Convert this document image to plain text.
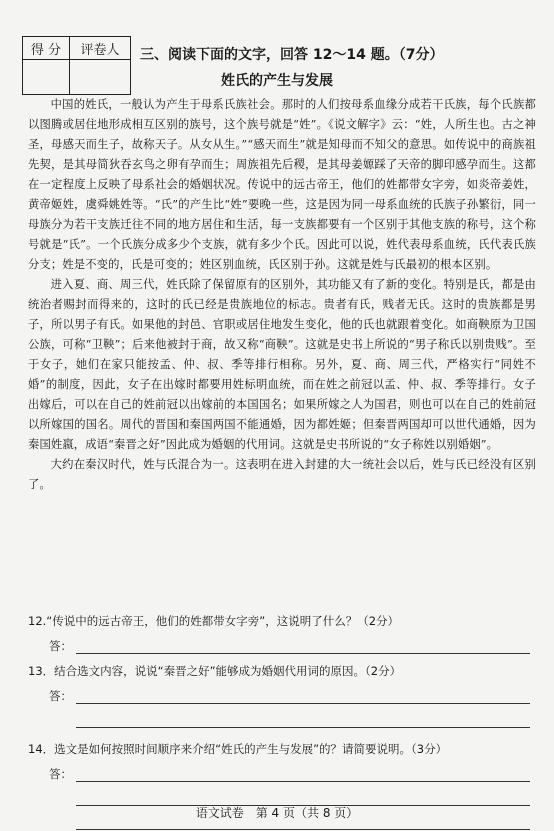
得 分	评卷人
	三、阅读下面的文字，回答 12～14 题。（7分）
姓氏的产生与发展

中国的姓氏，一般认为产生于母系氏族社会。那时的人们按母系血缘分成若干氏族，每个氏族都以图腾或居住地形成相互区别的族号，这个族号就是“姓”。《说文解字》云：“姓，人所生也。古之神圣，母感天而生子，故称天子。从女从生。”“感天而生”就是知母而不知父的意思。如传说中的商族祖先契，是其母简狄吞玄鸟之卵有孕而生；周族祖先后稷，是其母姜嫄踩了天帝的脚印感孕而生。这都在一定程度上反映了母系社会的婚姻状况。传说中的远古帝王，他们的姓都带女字旁，如炎帝姜姓，黄帝姬姓，虞舜姚姓等。“氏”的产生比“姓”要晚一些，这是因为同一母系血统的氏族子孙繁衍，同一母族分为若干支族迁往不同的地方居住和生活，每一支族都要有一个区别于其他支族的称号，这个称号就是“氏”。一个氏族分成多少个支族，就有多少个氏。因此可以说，姓代表母系血统，氏代表氏族分支；姓是不变的，氏是可变的；姓区别血统，氏区别于孙。这就是姓与氏最初的根本区别。

进入夏、商、周三代，姓氏除了保留原有的区别外，其功能又有了新的变化。特别是氏，都是由统治者赐封而得来的，这时的氏已经是贵族地位的标志。贵者有氏，贱者无氏。这时的贵族都是男子，所以男子有氏。如果他的封邑、官职或居住地发生变化，他的氏也就跟着变化。如商鞅原为卫国公族，可称“卫鞅”；后来他被封于商，故又称“商鞅”。这就是史书上所说的“男子称氏以别贵贱”。至于女子，她们在家只能按孟、仲、叔、季等排行相称。另外，夏、商、周三代，严格实行“同姓不婚”的制度，因此，女子在出嫁时都要用姓标明血统，而在姓之前冠以孟、仲、叔、季等排行。女子出嫁后，可以在自己的姓前冠以出嫁前的本国国名；如果所嫁之人为国君，则也可以在自己的姓前冠以所嫁国的国名。周代的晋国和秦国两国不能通婚，因为都姓姬；但秦晋两国却可以世代通婚，因为秦国姓嬴，成语“秦晋之好”因此成为婚姻的代用词。这就是史书所说的“女子称姓以别婚姻”。

大约在秦汉时代，姓与氏混合为一。这表明在进入封建的大一统社会以后，姓与氏已经没有区别了。

12.“传说中的远古帝王，他们的姓都带女字旁”，这说明了什么？（2分）

答：

13．结合选文内容，说说“秦晋之好”能够成为婚姻代用词的原因。（2分）

答：

14．选文是如何按照时间顺序来介绍“姓氏的产生与发展”的？请简要说明。（3分）

答：
语文试卷　第 4 页（共 8 页）
